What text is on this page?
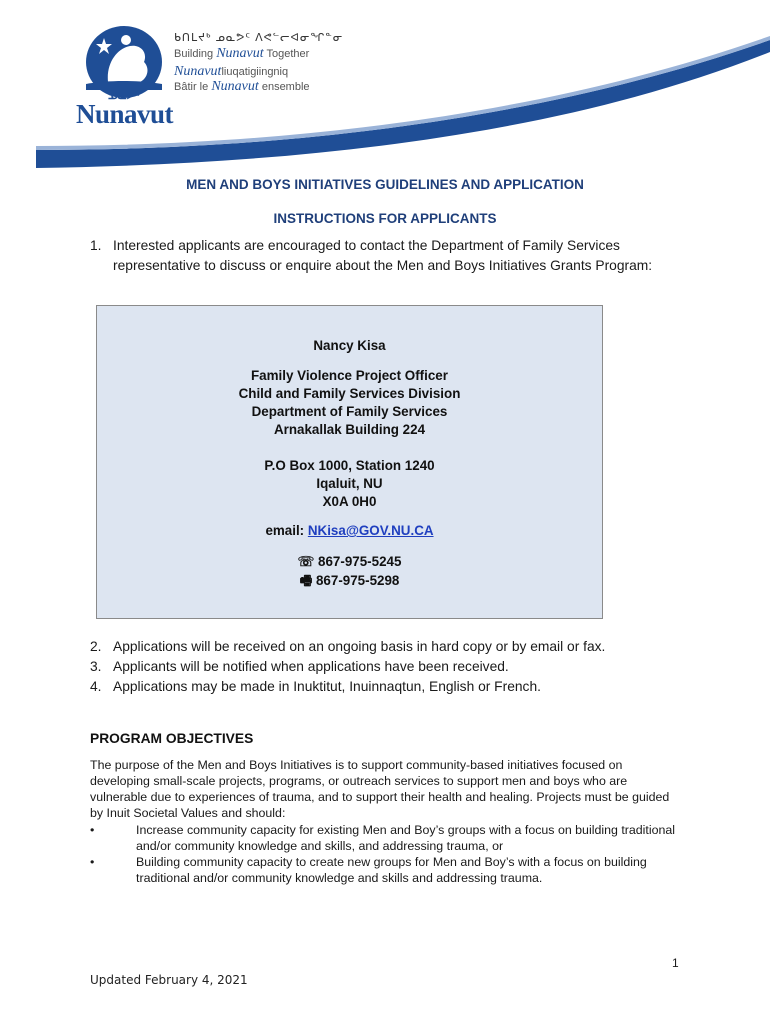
ᓄᓇᕗᑦ
Nunavut
ᑲᑎᒪᔪᒃ ᓄᓇᕗᑦ ᐱᕙᓪᓕᐊᓂᖏᓐᓂ
Building Nunavut Together
Nunavutliuqatigiingniq
Bâtir le Nunavut ensemble
MEN AND BOYS INITIATIVES GUIDELINES AND APPLICATION
INSTRUCTIONS FOR APPLICANTS
1. Interested applicants are encouraged to contact the Department of Family Services representative to discuss or enquire about the Men and Boys Initiatives Grants Program:
Nancy Kisa
Family Violence Project Officer
Child and Family Services Division
Department of Family Services
Arnakallak Building 224
P.O Box 1000, Station 1240
Iqaluit, NU
X0A 0H0
email: NKisa@GOV.NU.CA
☏ 867-975-5245
🖷 867-975-5298
2. Applications will be received on an ongoing basis in hard copy or by email or fax.
3. Applicants will be notified when applications have been received.
4. Applications may be made in Inuktitut, Inuinnaqtun, English or French.
PROGRAM OBJECTIVES
The purpose of the Men and Boys Initiatives is to support community-based initiatives focused on developing small-scale projects, programs, or outreach services to support men and boys who are vulnerable due to experiences of trauma, and to support their health and healing. Projects must be guided by Inuit Societal Values and should:
•	Increase community capacity for existing Men and Boy’s groups with a focus on building traditional and/or community knowledge and skills, and addressing trauma, or
•	Building community capacity to create new groups for Men and Boy’s with a focus on building traditional and/or community knowledge and skills and addressing trauma.
1
Updated February 4, 2021
